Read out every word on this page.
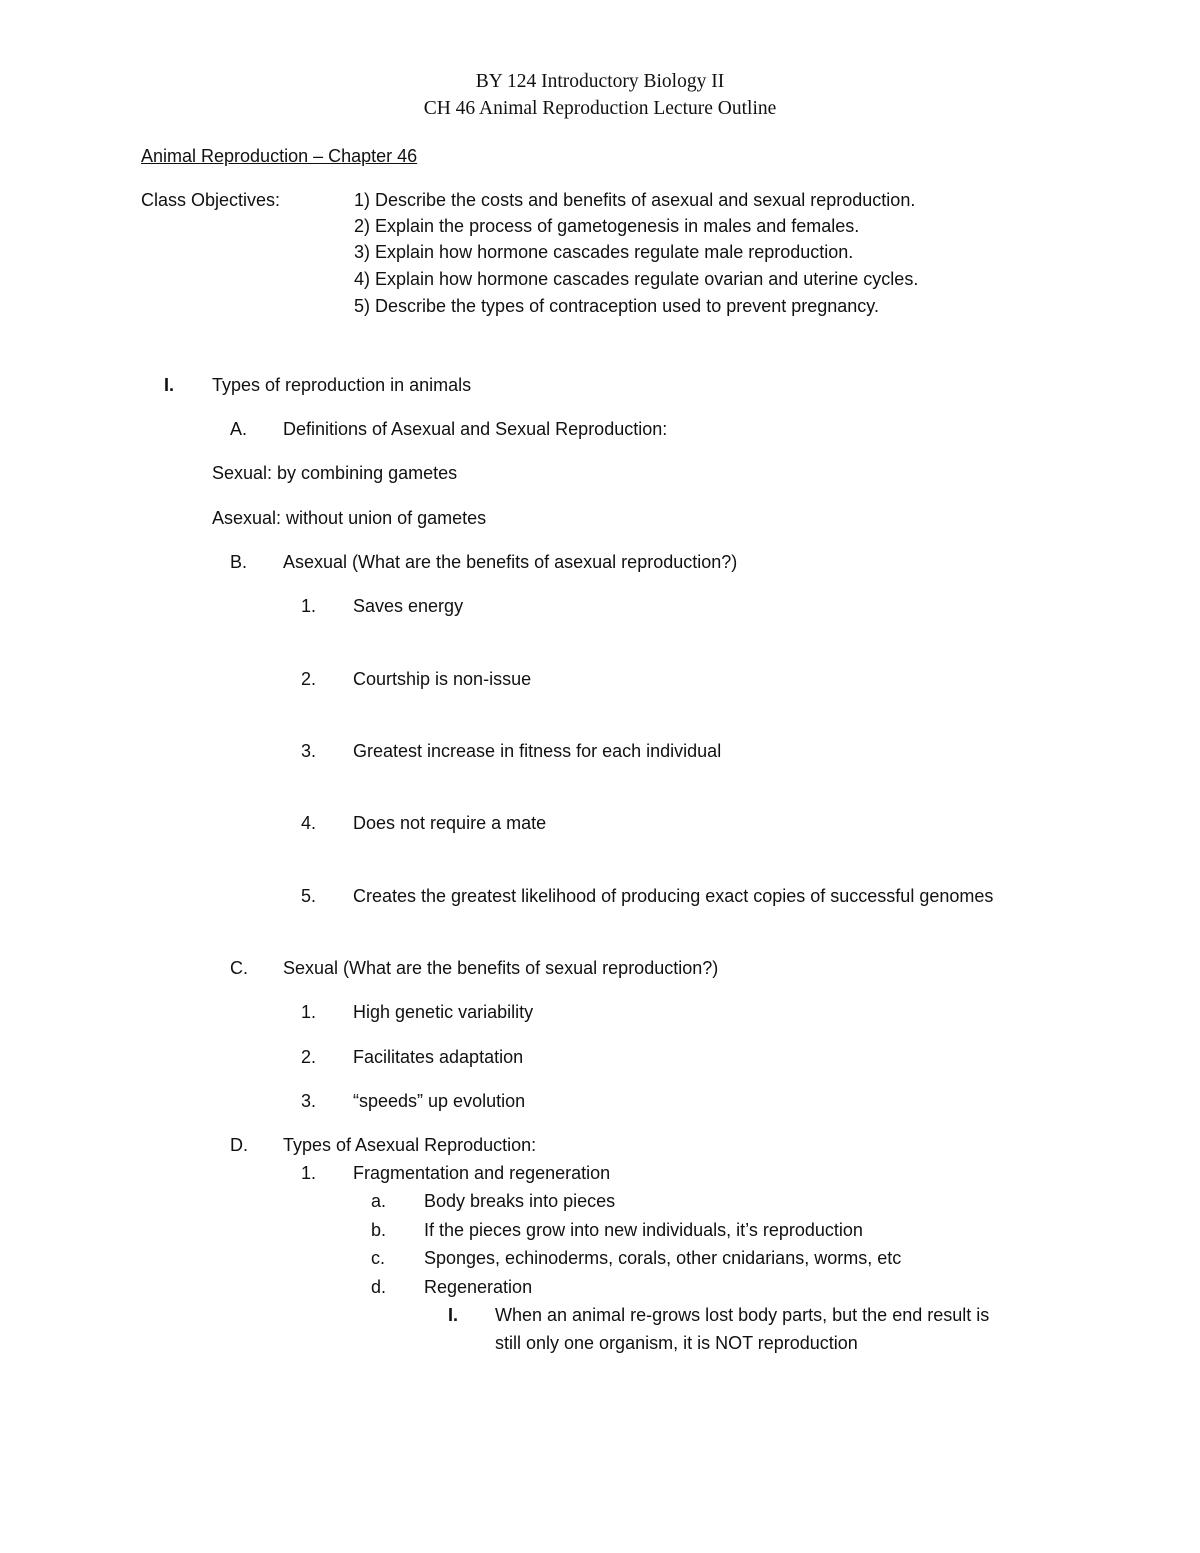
BY 124 Introductory Biology II
CH 46 Animal Reproduction Lecture Outline
Animal Reproduction – Chapter 46
Class Objectives:	1) Describe the costs and benefits of asexual and sexual reproduction.
2) Explain the process of gametogenesis in males and females.
3) Explain how hormone cascades regulate male reproduction.
4) Explain how hormone cascades regulate ovarian and uterine cycles.
5) Describe the types of contraception used to prevent pregnancy.
I. Types of reproduction in animals
A. Definitions of Asexual and Sexual Reproduction:
Sexual: by combining gametes
Asexual: without union of gametes
B. Asexual (What are the benefits of asexual reproduction?)
1. Saves energy
2. Courtship is non-issue
3. Greatest increase in fitness for each individual
4. Does not require a mate
5. Creates the greatest likelihood of producing exact copies of successful genomes
C. Sexual (What are the benefits of sexual reproduction?)
1. High genetic variability
2. Facilitates adaptation
3. “speeds” up evolution
D. Types of Asexual Reproduction:
1. Fragmentation and regeneration
a. Body breaks into pieces
b. If the pieces grow into new individuals, it’s reproduction
c. Sponges, echinoderms, corals, other cnidarians, worms, etc
d. Regeneration
I. When an animal re-grows lost body parts, but the end result is
still only one organism, it is NOT reproduction
